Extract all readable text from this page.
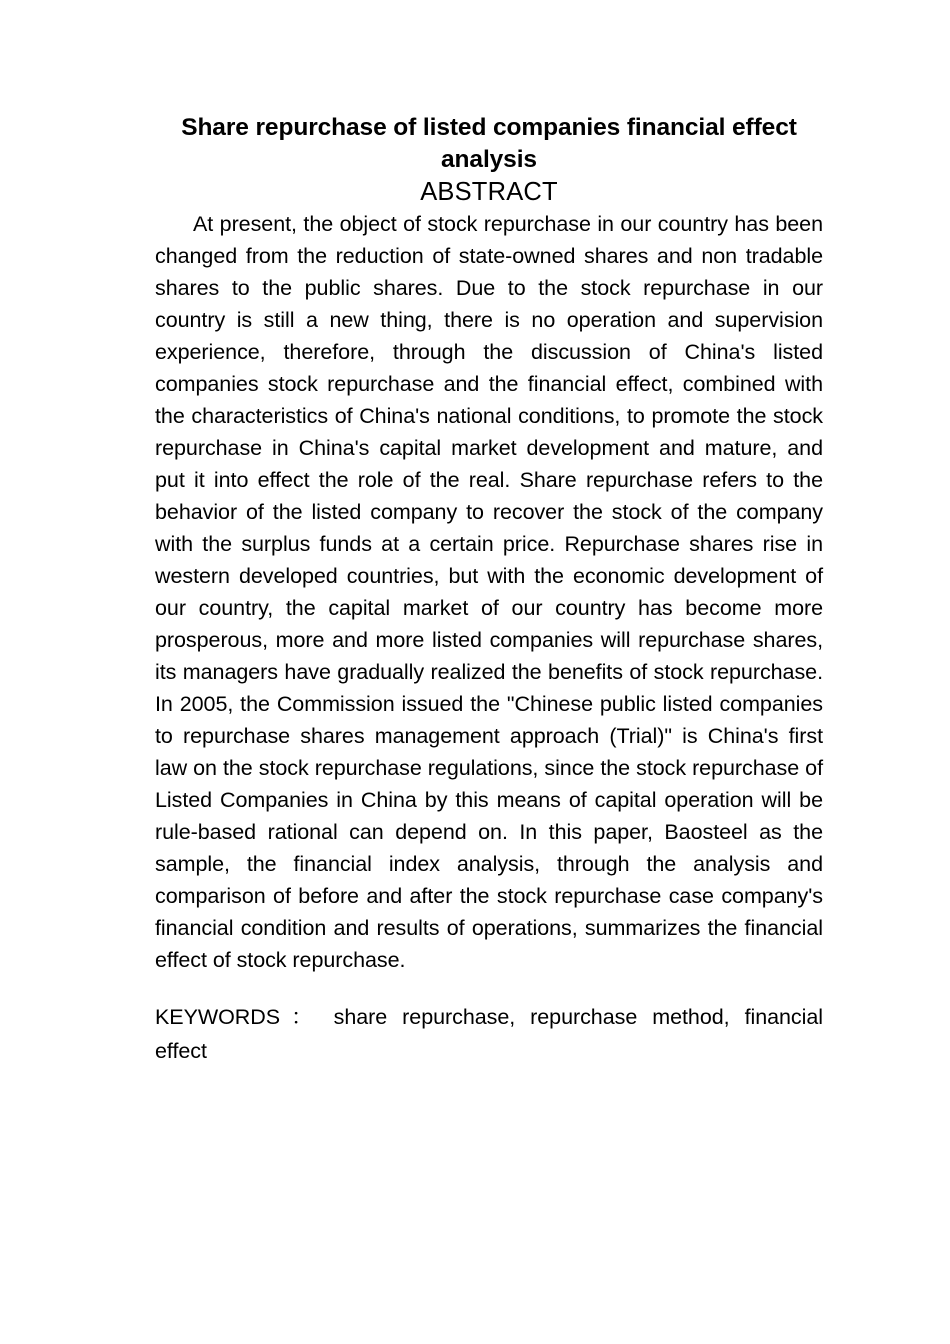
Share repurchase of listed companies financial effect analysis
ABSTRACT

At present, the object of stock repurchase in our country has been changed from the reduction of state-owned shares and non tradable shares to the public shares. Due to the stock repurchase in our country is still a new thing, there is no operation and supervision experience, therefore, through the discussion of China's listed companies stock repurchase and the financial effect, combined with the characteristics of China's national conditions, to promote the stock repurchase in China's capital market development and mature, and put it into effect the role of the real. Share repurchase refers to the behavior of the listed company to recover the stock of the company with the surplus funds at a certain price. Repurchase shares rise in western developed countries, but with the economic development of our country, the capital market of our country has become more prosperous, more and more listed companies will repurchase shares, its managers have gradually realized the benefits of stock repurchase. In 2005, the Commission issued the "Chinese public listed companies to repurchase shares management approach (Trial)" is China's first law on the stock repurchase regulations, since the stock repurchase of Listed Companies in China by this means of capital operation will be rule-based rational can depend on. In this paper, Baosteel as the sample, the financial index analysis, through the analysis and comparison of before and after the stock repurchase case company's financial condition and results of operations, summarizes the financial effect of stock repurchase.

KEYWORDS： share repurchase, repurchase method, financial effect
